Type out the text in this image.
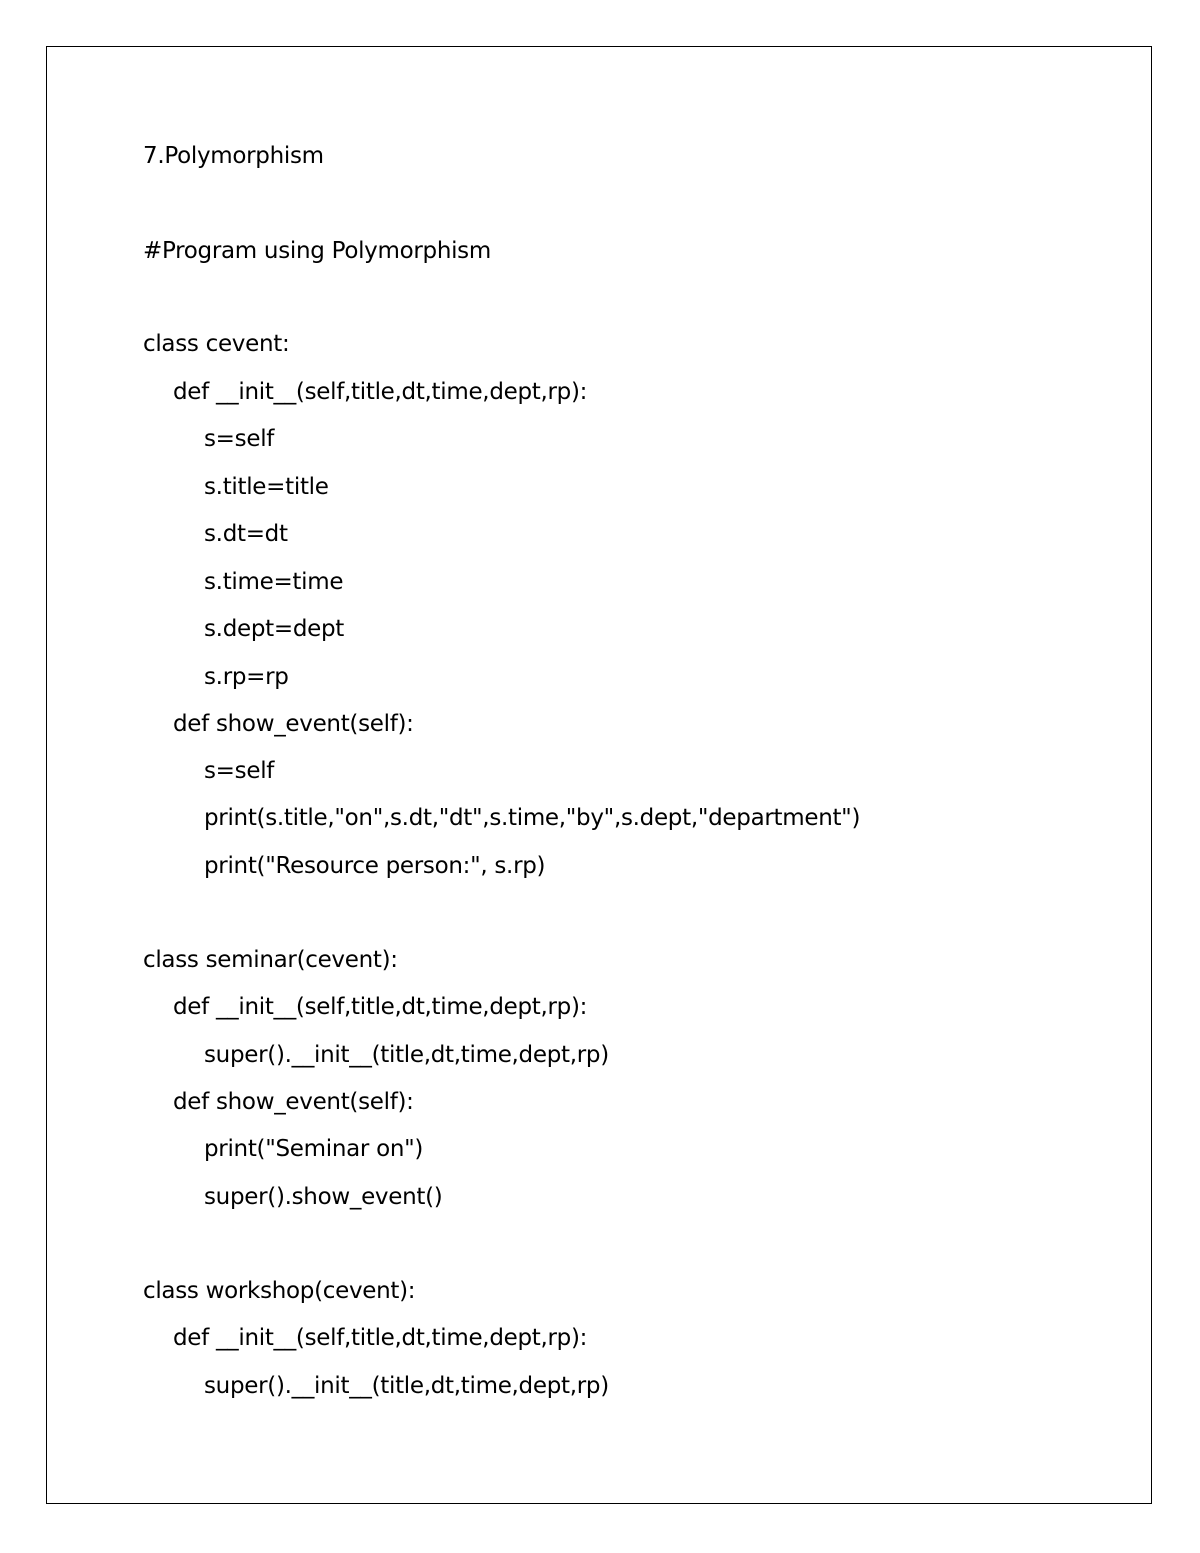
7.Polymorphism
#Program using Polymorphism
class cevent:
def __init__(self,title,dt,time,dept,rp):
s=self
s.title=title
s.dt=dt
s.time=time
s.dept=dept
s.rp=rp
def show_event(self):
s=self
print(s.title,"on",s.dt,"dt",s.time,"by",s.dept,"department")
print("Resource person:", s.rp)
class seminar(cevent):
def __init__(self,title,dt,time,dept,rp):
super().__init__(title,dt,time,dept,rp)
def show_event(self):
print("Seminar on")
super().show_event()
class workshop(cevent):
def __init__(self,title,dt,time,dept,rp):
super().__init__(title,dt,time,dept,rp)
